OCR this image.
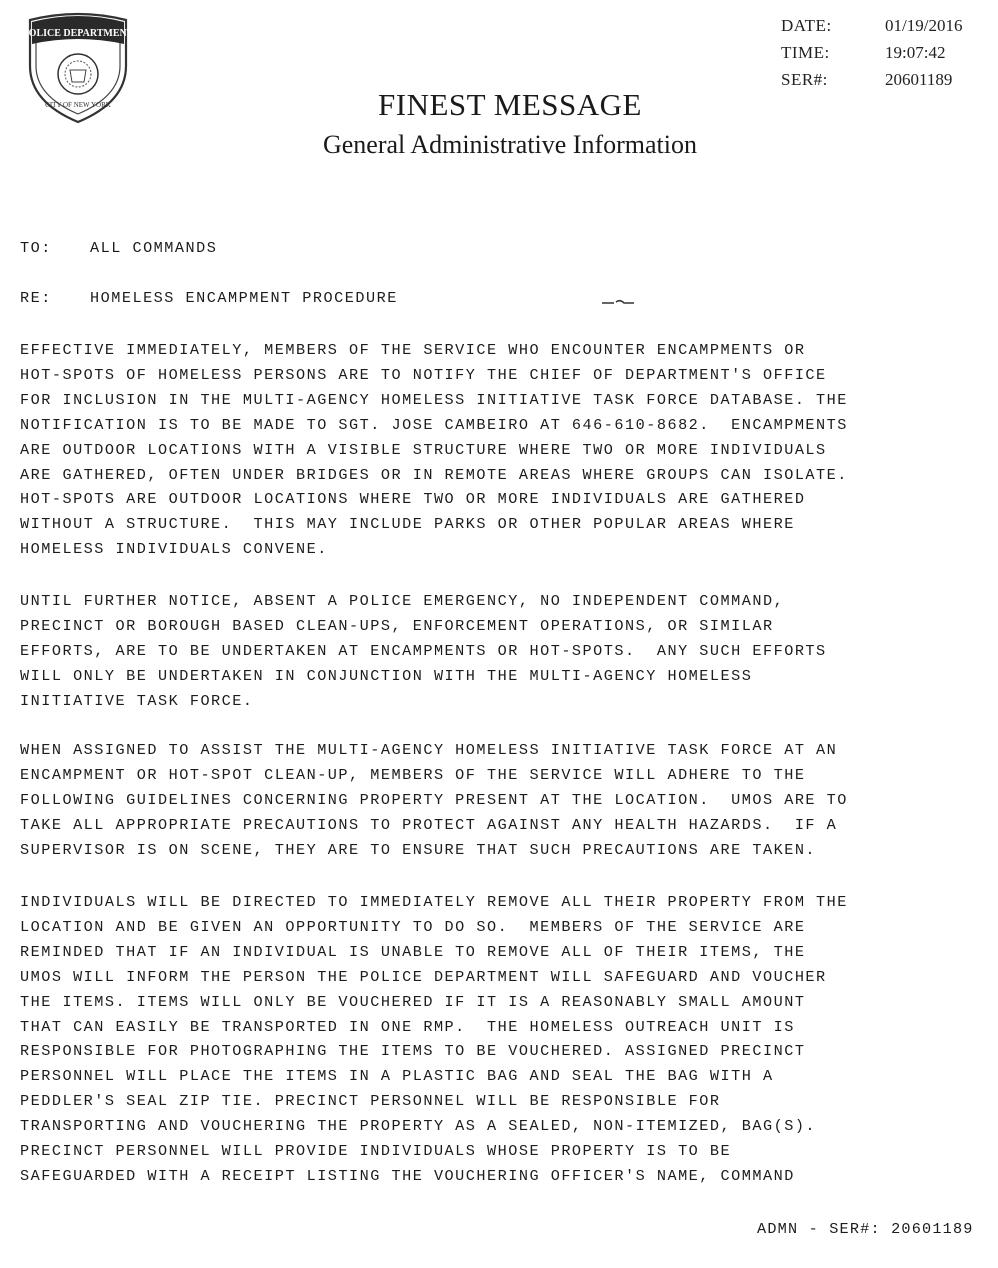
POLICE DEPARTMENT
CITY OF NEW YORK
DATE:	01/19/2016
TIME:	19:07:42
SER#:	20601189
FINEST MESSAGE
General Administrative Information
TO:	ALL COMMANDS
RE:	HOMELESS ENCAMPMENT PROCEDURE
EFFECTIVE IMMEDIATELY, MEMBERS OF THE SERVICE WHO ENCOUNTER ENCAMPMENTS OR
HOT-SPOTS OF HOMELESS PERSONS ARE TO NOTIFY THE CHIEF OF DEPARTMENT'S OFFICE
FOR INCLUSION IN THE MULTI-AGENCY HOMELESS INITIATIVE TASK FORCE DATABASE. THE
NOTIFICATION IS TO BE MADE TO SGT. JOSE CAMBEIRO AT 646-610-8682.  ENCAMPMENTS
ARE OUTDOOR LOCATIONS WITH A VISIBLE STRUCTURE WHERE TWO OR MORE INDIVIDUALS
ARE GATHERED, OFTEN UNDER BRIDGES OR IN REMOTE AREAS WHERE GROUPS CAN ISOLATE.
HOT-SPOTS ARE OUTDOOR LOCATIONS WHERE TWO OR MORE INDIVIDUALS ARE GATHERED
WITHOUT A STRUCTURE.  THIS MAY INCLUDE PARKS OR OTHER POPULAR AREAS WHERE
HOMELESS INDIVIDUALS CONVENE.
UNTIL FURTHER NOTICE, ABSENT A POLICE EMERGENCY, NO INDEPENDENT COMMAND,
PRECINCT OR BOROUGH BASED CLEAN-UPS, ENFORCEMENT OPERATIONS, OR SIMILAR
EFFORTS, ARE TO BE UNDERTAKEN AT ENCAMPMENTS OR HOT-SPOTS.  ANY SUCH EFFORTS
WILL ONLY BE UNDERTAKEN IN CONJUNCTION WITH THE MULTI-AGENCY HOMELESS
INITIATIVE TASK FORCE.
WHEN ASSIGNED TO ASSIST THE MULTI-AGENCY HOMELESS INITIATIVE TASK FORCE AT AN
ENCAMPMENT OR HOT-SPOT CLEAN-UP, MEMBERS OF THE SERVICE WILL ADHERE TO THE
FOLLOWING GUIDELINES CONCERNING PROPERTY PRESENT AT THE LOCATION.  UMOS ARE TO
TAKE ALL APPROPRIATE PRECAUTIONS TO PROTECT AGAINST ANY HEALTH HAZARDS.  IF A
SUPERVISOR IS ON SCENE, THEY ARE TO ENSURE THAT SUCH PRECAUTIONS ARE TAKEN.
INDIVIDUALS WILL BE DIRECTED TO IMMEDIATELY REMOVE ALL THEIR PROPERTY FROM THE
LOCATION AND BE GIVEN AN OPPORTUNITY TO DO SO.  MEMBERS OF THE SERVICE ARE
REMINDED THAT IF AN INDIVIDUAL IS UNABLE TO REMOVE ALL OF THEIR ITEMS, THE
UMOS WILL INFORM THE PERSON THE POLICE DEPARTMENT WILL SAFEGUARD AND VOUCHER
THE ITEMS. ITEMS WILL ONLY BE VOUCHERED IF IT IS A REASONABLY SMALL AMOUNT
THAT CAN EASILY BE TRANSPORTED IN ONE RMP.  THE HOMELESS OUTREACH UNIT IS
RESPONSIBLE FOR PHOTOGRAPHING THE ITEMS TO BE VOUCHERED. ASSIGNED PRECINCT
PERSONNEL WILL PLACE THE ITEMS IN A PLASTIC BAG AND SEAL THE BAG WITH A
PEDDLER'S SEAL ZIP TIE. PRECINCT PERSONNEL WILL BE RESPONSIBLE FOR
TRANSPORTING AND VOUCHERING THE PROPERTY AS A SEALED, NON-ITEMIZED, BAG(S).
PRECINCT PERSONNEL WILL PROVIDE INDIVIDUALS WHOSE PROPERTY IS TO BE
SAFEGUARDED WITH A RECEIPT LISTING THE VOUCHERING OFFICER'S NAME, COMMAND
ADMN - SER#: 20601189
